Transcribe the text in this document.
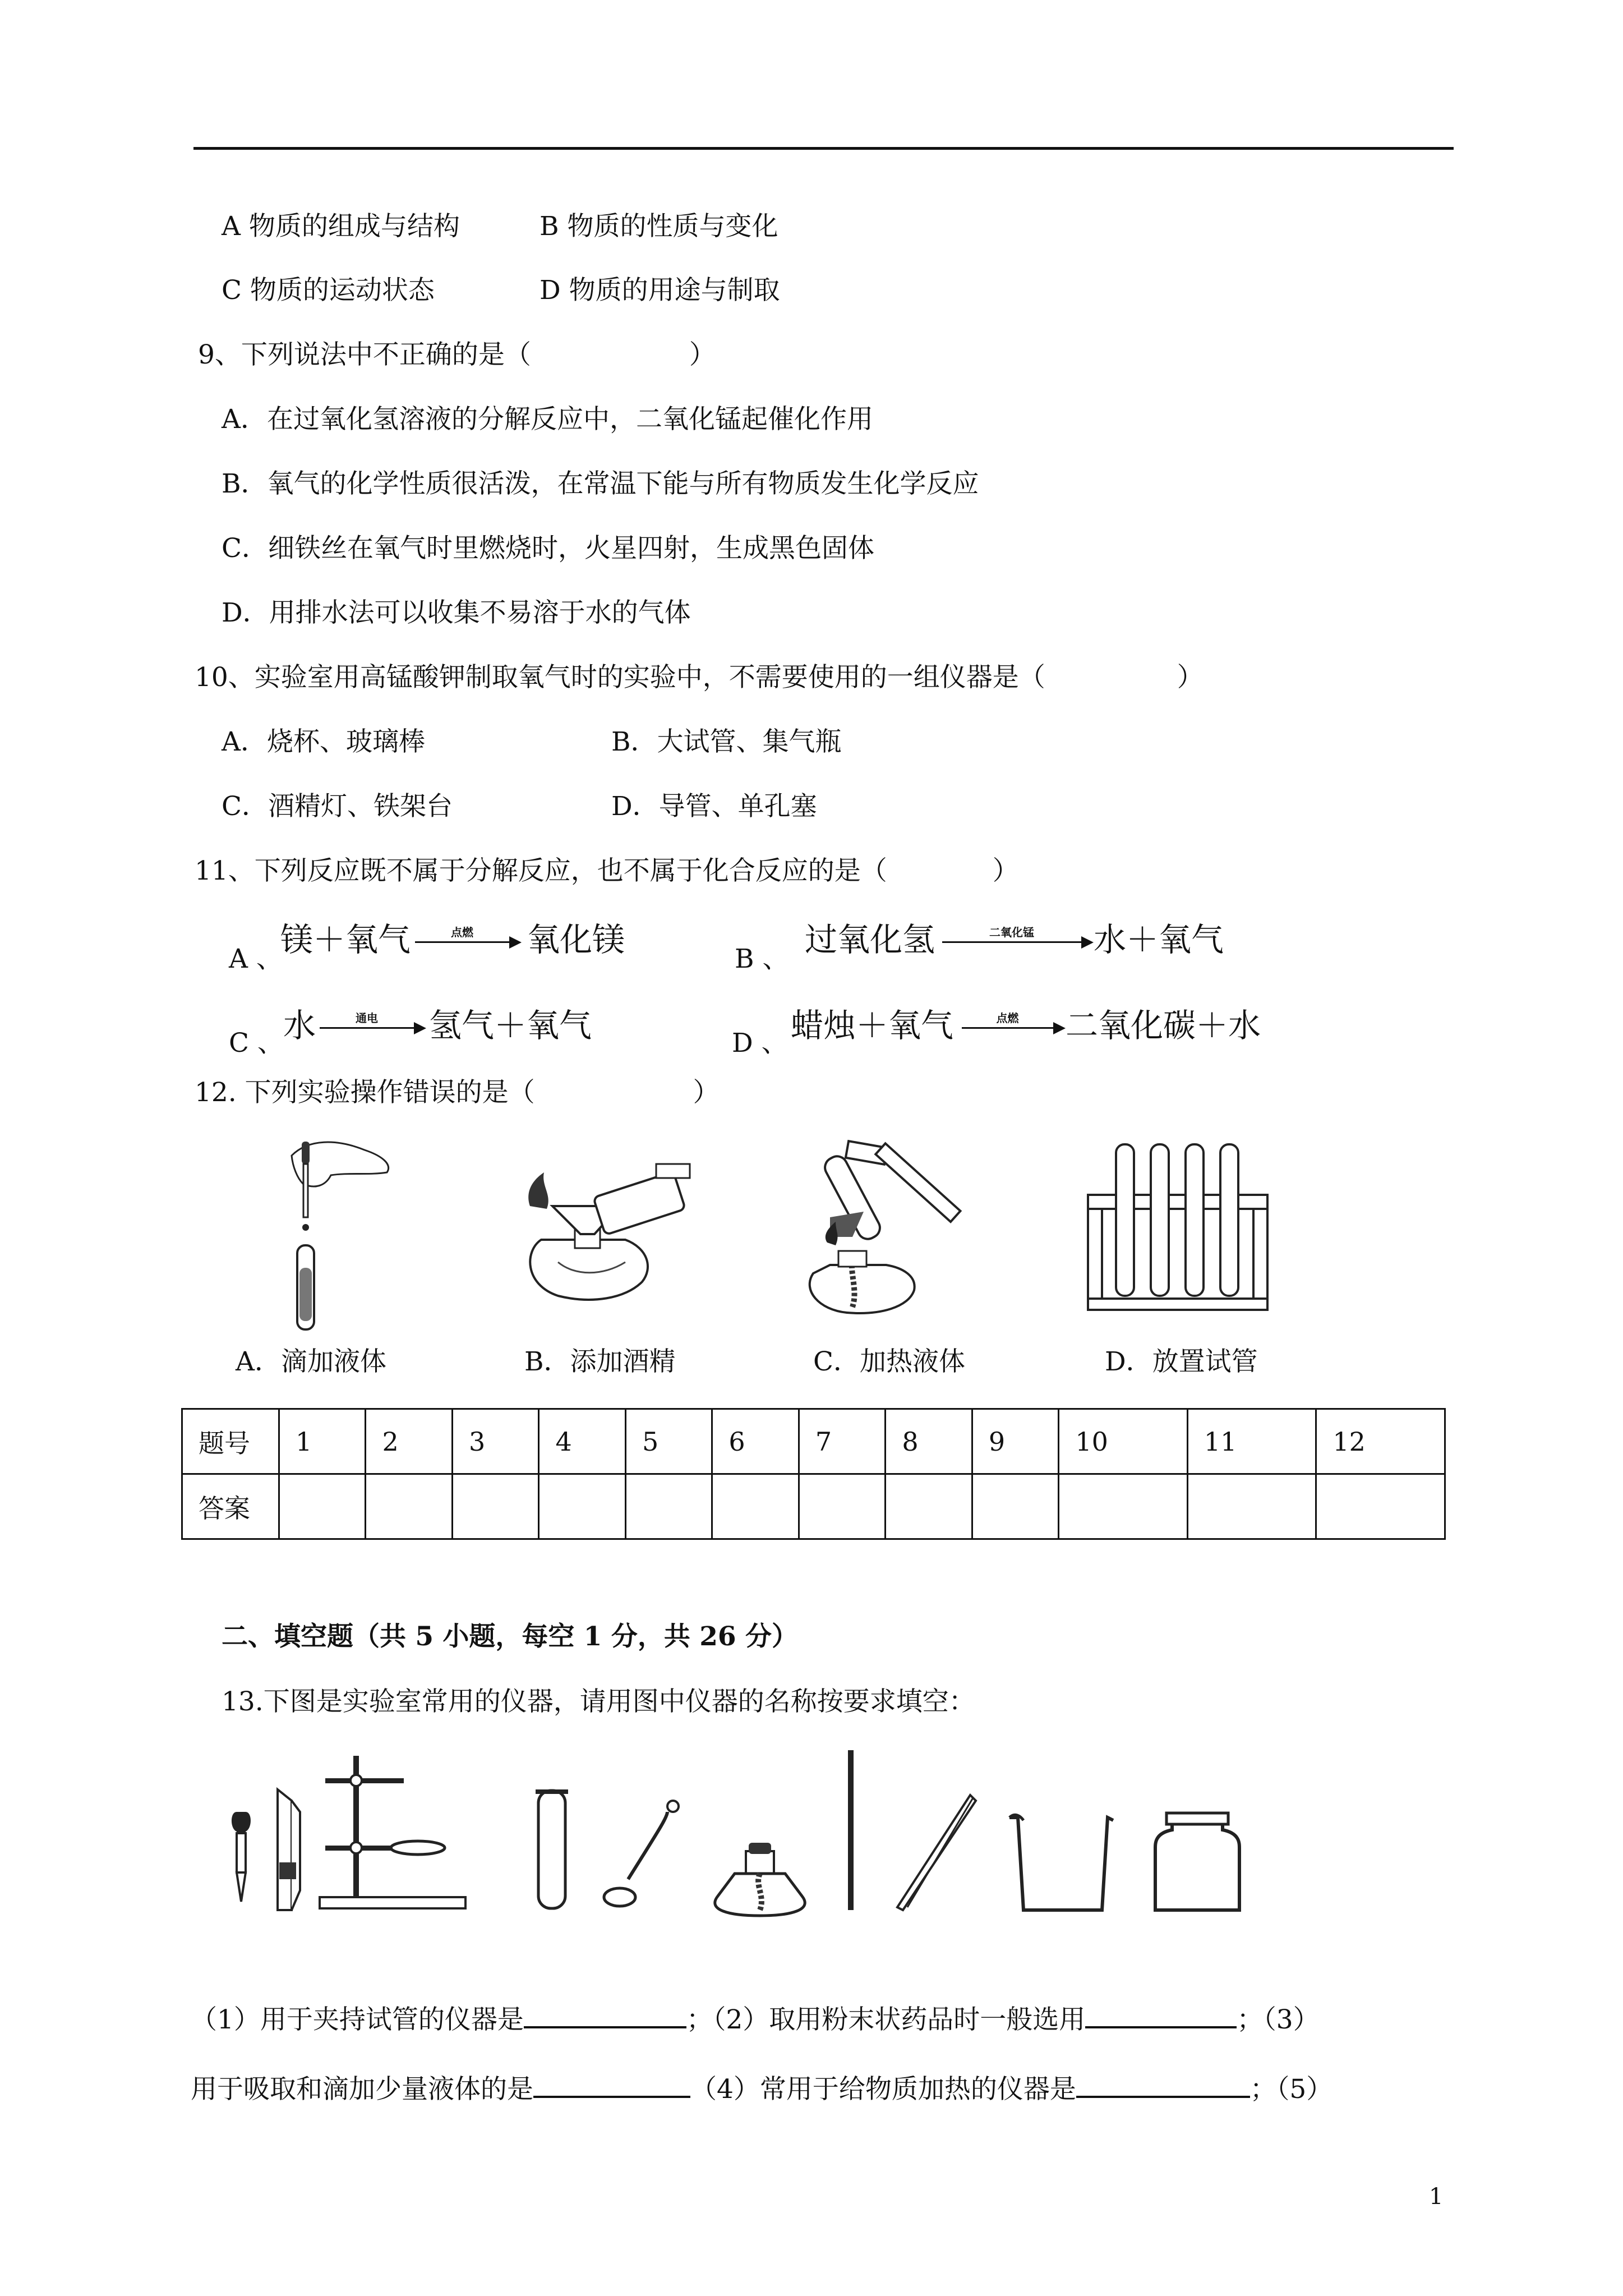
A 物质的组成与结构	B 物质的性质与变化
C 物质的运动状态	D 物质的用途与制取
9、下列说法中不正确的是（　　　　　　）
A．在过氧化氢溶液的分解反应中，二氧化锰起催化作用
B．氧气的化学性质很活泼，在常温下能与所有物质发生化学反应
C．细铁丝在氧气时里燃烧时，火星四射，生成黑色固体
D．用排水法可以收集不易溶于水的气体
10、实验室用高锰酸钾制取氧气时的实验中，不需要使用的一组仪器是（　　　　　）
A．烧杯、玻璃棒	B．大试管、集气瓶
C．酒精灯、铁架台	D．导管、单孔塞
11、下列反应既不属于分解反应，也不属于化合反应的是（　　　　）
A 、
镁＋氧气	点燃	氧化镁
B 、
过氧化氢	二氧化锰	水＋氧气
C 、 水	通电	氢气＋氧气	D 、 蜡烛＋氧气	点燃	二氧化碳＋水
12. 下列实验操作错误的是（　　　　　　）
A．滴加液体	B．添加酒精	C．加热液体	D．放置试管
题号	1	2	3	4	5	6	7	8	9	10	11	12
答案												
二、填空题（共 5 小题，每空 1 分，共 26 分）
13.下图是实验室常用的仪器，请用图中仪器的名称按要求填空：
（1）用于夹持试管的仪器是	；（2）取用粉末状药品时一般选用	；（3）
用于吸取和滴加少量液体的是	（4）常用于给物质加热的仪器是	；（5）
1
